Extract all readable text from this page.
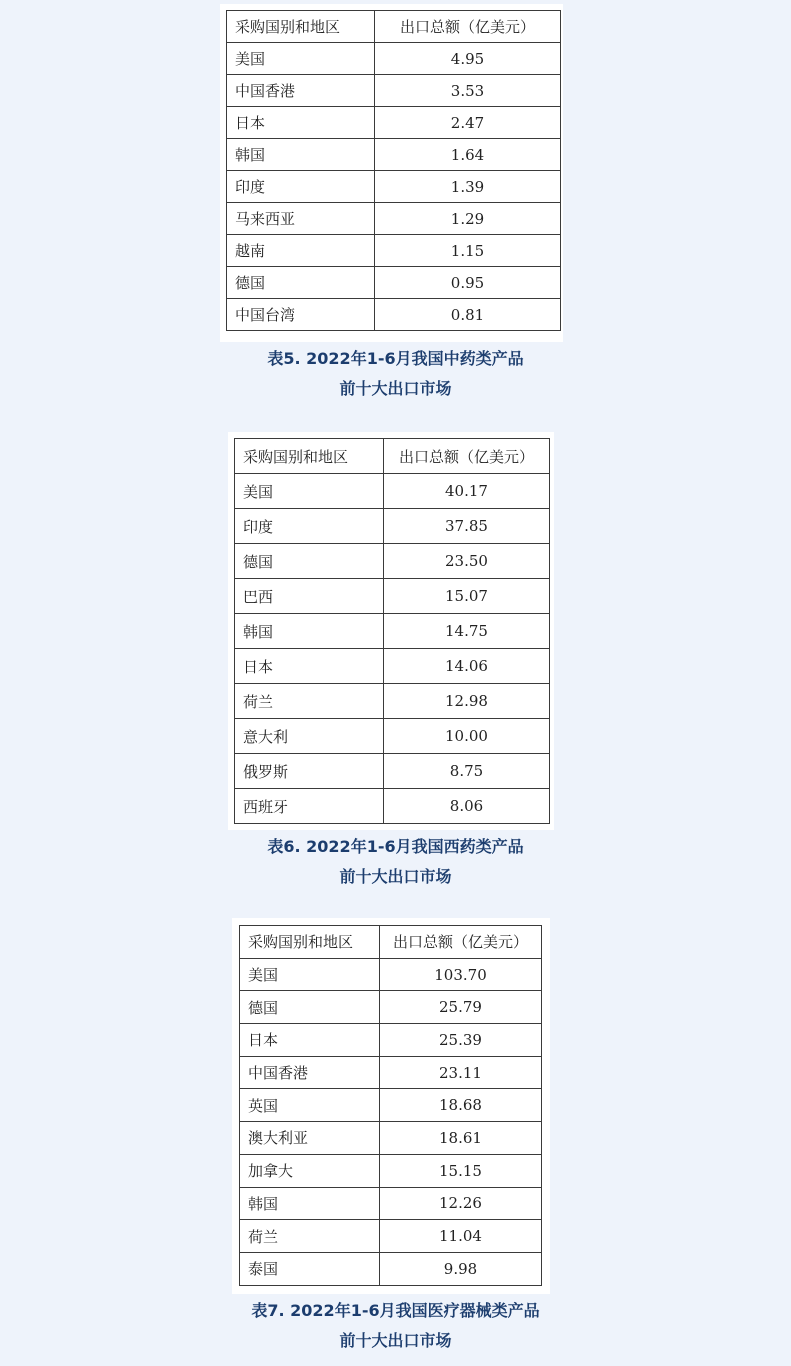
采购国别和地区	出口总额（亿美元）
美国	4.95
中国香港	3.53
日本	2.47
韩国	1.64
印度	1.39
马来西亚	1.29
越南	1.15
德国	0.95
中国台湾	0.81
表5. 2022年1-6月我国中药类产品
前十大出口市场
采购国别和地区	出口总额（亿美元）
美国	40.17
印度	37.85
德国	23.50
巴西	15.07
韩国	14.75
日本	14.06
荷兰	12.98
意大利	10.00
俄罗斯	8.75
西班牙	8.06
表6. 2022年1-6月我国西药类产品
前十大出口市场
采购国别和地区	出口总额（亿美元）
美国	103.70
德国	25.79
日本	25.39
中国香港	23.11
英国	18.68
澳大利亚	18.61
加拿大	15.15
韩国	12.26
荷兰	11.04
泰国	9.98
表7. 2022年1-6月我国医疗器械类产品
前十大出口市场
